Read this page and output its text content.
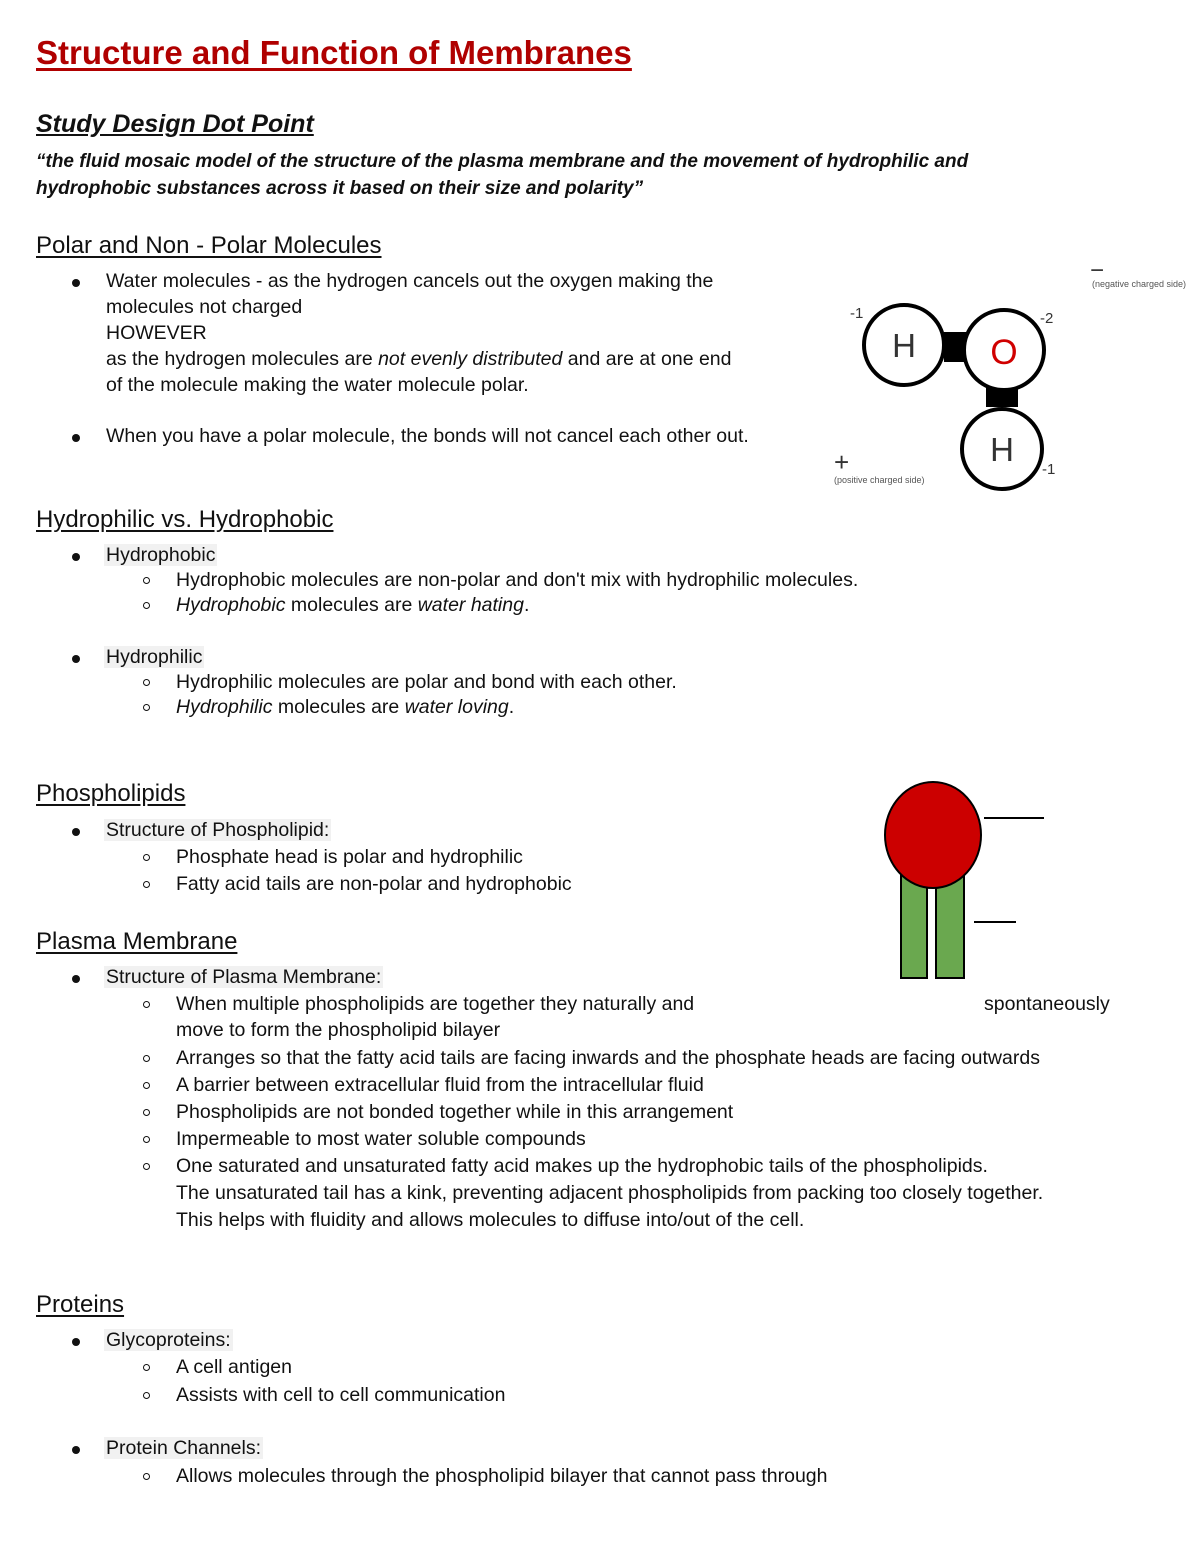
Structure and Function of Membranes
Study Design Dot Point
“the fluid mosaic model of the structure of the plasma membrane and the movement of hydrophilic and
hydrophobic substances across it based on their size and polarity”
Polar and Non - Polar Molecules
Water molecules - as the hydrogen cancels out the oxygen making the
molecules not charged
HOWEVER
as the hydrogen molecules are not evenly distributed and are at one end
of the molecule making the water molecule polar.
When you have a polar molecule, the bonds will not cancel each other out.
H O
H
-1	-2
-1
−
(negative charged side)
+
(positive charged side)
Hydrophilic vs. Hydrophobic
Hydrophobic
Hydrophobic molecules are non-polar and don't mix with hydrophilic molecules.
Hydrophobic molecules are water hating.
Hydrophilic
Hydrophilic molecules are polar and bond with each other.
Hydrophilic molecules are water loving.
Phospholipids
Structure of Phospholipid:
Phosphate head is polar and hydrophilic
Fatty acid tails are non-polar and hydrophobic
Plasma Membrane
Structure of Plasma Membrane:
When multiple phospholipids are together they naturally and	spontaneously
move to form the phospholipid bilayer
Arranges so that the fatty acid tails are facing inwards and the phosphate heads are facing outwards
A barrier between extracellular fluid from the intracellular fluid
Phospholipids are not bonded together while in this arrangement
Impermeable to most water soluble compounds
One saturated and unsaturated fatty acid makes up the hydrophobic tails of the phospholipids.
The unsaturated tail has a kink, preventing adjacent phospholipids from packing too closely together.
This helps with fluidity and allows molecules to diffuse into/out of the cell.
Proteins
Glycoproteins:
A cell antigen
Assists with cell to cell communication
Protein Channels:
Allows molecules through the phospholipid bilayer that cannot pass through
